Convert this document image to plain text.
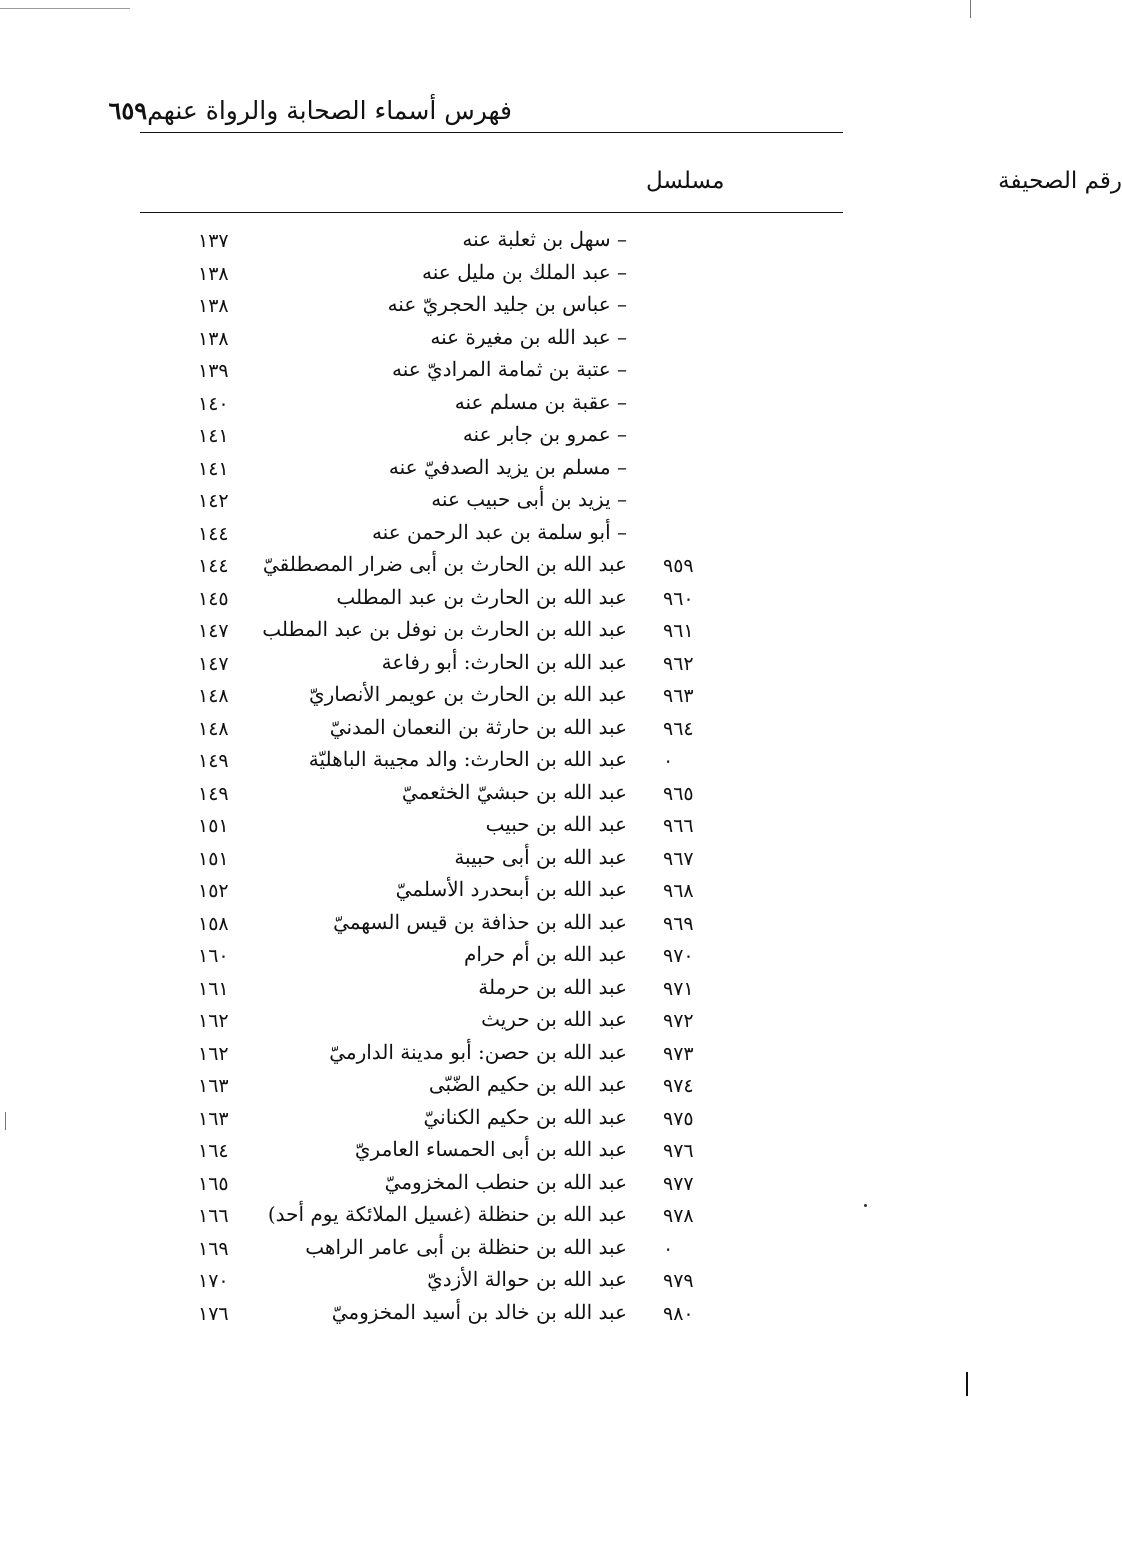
فهرس أسماء الصحابة والرواة عنهم
٦٥٩
مسلسل	رقم الصحيفة
١٣٧	– سهل بن ثعلبة عنه
١٣٨	– عبد الملك بن مليل عنه
١٣٨	– عباس بن جليد الحجريّ عنه
١٣٨	– عبد الله بن مغيرة عنه
١٣٩	– عتبة بن ثمامة المراديّ عنه
١٤٠	– عقبة بن مسلم عنه
١٤١	– عمرو بن جابر عنه
١٤١	– مسلم بن يزيد الصدفيّ عنه
١٤٢	– يزيد بن أبى حبيب عنه
١٤٤	– أبو سلمة بن عبد الرحمن عنه
١٤٤	عبد الله بن الحارث بن أبى ضرار المصطلقيّ ٩٥٩
١٤٥	عبد الله بن الحارث بن عبد المطلب ٩٦٠
١٤٧	عبد الله بن الحارث بن نوفل بن عبد المطلب ٩٦١
١٤٧	عبد الله بن الحارث: أبو رفاعة ٩٦٢
١٤٨	عبد الله بن الحارث بن عويمر الأنصاريّ ٩٦٣
١٤٨	عبد الله بن حارثة بن النعمان المدنيّ ٩٦٤
١٤٩	عبد الله بن الحارث: والد مجيبة الباهليّة ٠
١٤٩	عبد الله بن حبشيّ الخثعميّ ٩٦٥
١٥١	عبد الله بن حبيب ٩٦٦
١٥١	عبد الله بن أبى حبيبة ٩٦٧
١٥٢	عبد الله بن أبىحدرد الأسلميّ ٩٦٨
١٥٨	عبد الله بن حذافة بن قيس السهميّ ٩٦٩
١٦٠	عبد الله بن أم حرام ٩٧٠
١٦١	عبد الله بن حرملة ٩٧١
١٦٢	عبد الله بن حريث ٩٧٢
١٦٢	عبد الله بن حصن: أبو مدينة الدارميّ ٩٧٣
١٦٣	عبد الله بن حكيم الضّبّى ٩٧٤
١٦٣	عبد الله بن حكيم الكنانيّ ٩٧٥
١٦٤	عبد الله بن أبى الحمساء العامريّ ٩٧٦
١٦٥	عبد الله بن حنطب المخزوميّ ٩٧٧
١٦٦	عبد الله بن حنظلة (غسيل الملائكة يوم أحد) ٩٧٨
١٦٩	عبد الله بن حنظلة بن أبى عامر الراهب ٠
١٧٠	عبد الله بن حوالة الأزديّ ٩٧٩
١٧٦	عبد الله بن خالد بن أسيد المخزوميّ ٩٨٠
